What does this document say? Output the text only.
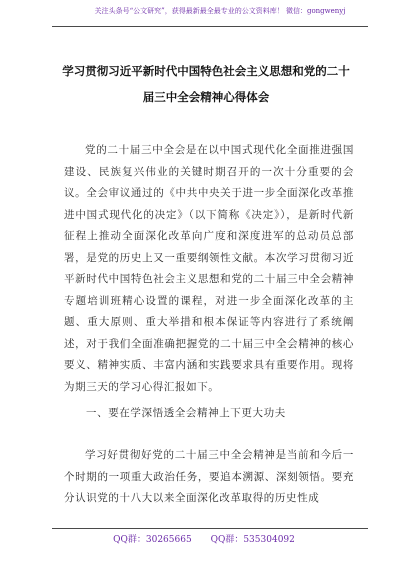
关注头条号“公文研究”，获得最新最全最专业的公文资料库！ 微信：gongwenyj
学习贯彻习近平新时代中国特色社会主义思想和党的二十届三中全会精神心得体会
党的二十届三中全会是在以中国式现代化全面推进强国建设、民族复兴伟业的关键时期召开的一次十分重要的会议。全会审议通过的《中共中央关于进一步全面深化改革推进中国式现代化的决定》（以下简称《决定》），是新时代新征程上推动全面深化改革向广度和深度进军的总动员总部署，是党的历史上又一重要纲领性文献。本次学习贯彻习近平新时代中国特色社会主义思想和党的二十届三中全会精神专题培训班精心设置的课程，对进一步全面深化改革的主题、重大原则、重大举措和根本保证等内容进行了系统阐述，对于我们全面准确把握党的二十届三中全会精神的核心要义、精神实质、丰富内涵和实践要求具有重要作用。现将为期三天的学习心得汇报如下。
一、要在学深悟透全会精神上下更大功夫
学习好贯彻好党的二十届三中全会精神是当前和今后一个时期的一项重大政治任务，要追本溯源、深刻领悟。要充分认识党的十八大以来全面深化改革取得的历史性成
QQ群：30265665 QQ群：535304092
